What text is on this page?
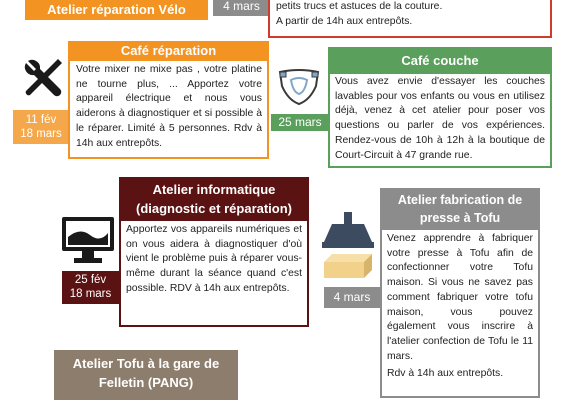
Atelier réparation Vélo	4 mars	petits trucs et astuces de la couture.
A partir de 14h aux entrepôts.
11 fév
18 mars
Café réparation
Votre mixer ne mixe pas , votre platine ne tourne plus, ... Apportez votre appareil électrique et nous vous aiderons à diagnostiquer et si possible à le réparer. Limité à 5 personnes. Rdv à 14h aux entrepôts.
25 mars
Café couche
Vous avez envie d'essayer les couches lavables pour vos enfants ou vous en utilisez déjà, venez à cet atelier pour poser vos questions ou parler de vos expériences. Rendez-vous de 10h à 12h à la boutique de Court-Circuit à 47 grande rue.
25 fév
18 mars
Atelier informatique
(diagnostic et réparation)
Apportez vos appareils numériques et on vous aidera à diagnostiquer d'où vient le problème puis à réparer vous-même durant la séance quand c'est possible. RDV à 14h aux entrepôts.
4 mars
Atelier fabrication de
presse à Tofu
Venez apprendre à fabriquer votre presse à Tofu afin de confectionner votre Tofu maison. Si vous ne savez pas comment fabriquer votre tofu maison, vous pouvez également vous inscrire à l'atelier confection de Tofu le 11 mars.
Rdv à 14h aux entrepôts.
Atelier Tofu à la gare de
Felletin (PANG)
